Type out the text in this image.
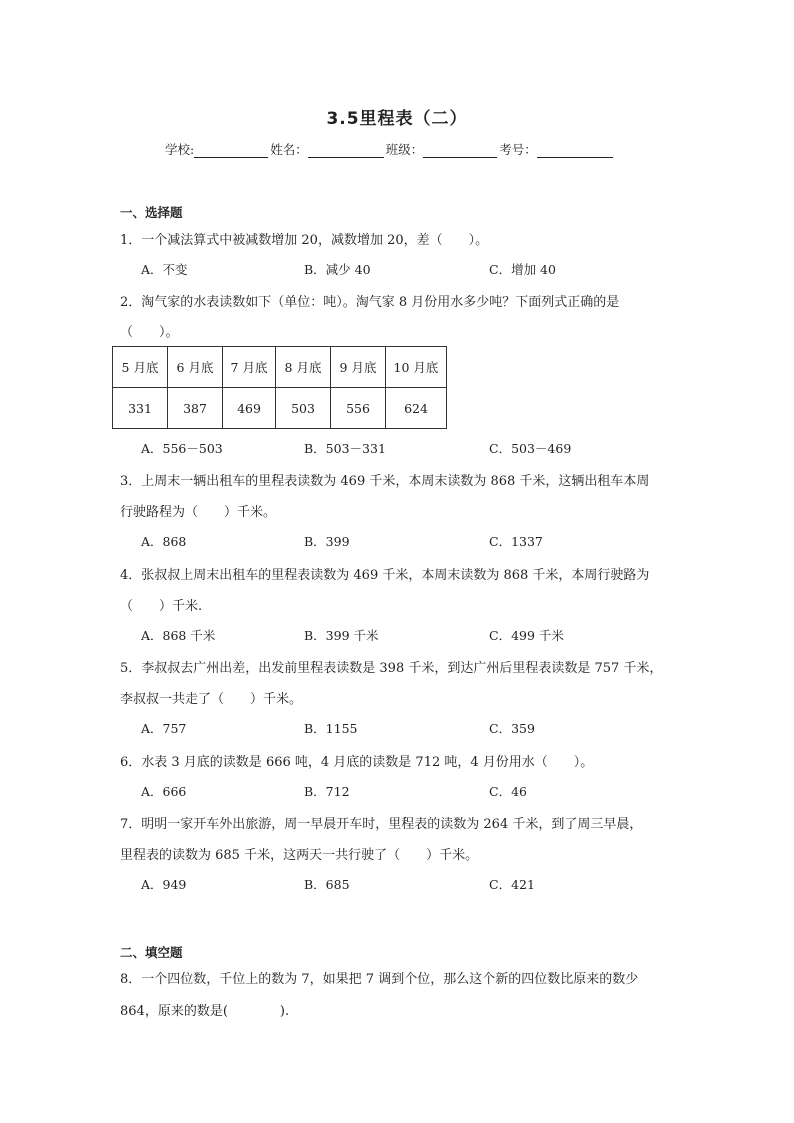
3.5里程表（二）
学校:	姓名：	班级：	考号：
一、选择题
1．一个减法算式中被减数增加 20，减数增加 20，差（　　）。
A．不变	B．减少 40	C．增加 40
2．淘气家的水表读数如下（单位：吨）。淘气家 8 月份用水多少吨？下面列式正确的是
（　　）。
5 月底	6 月底	7 月底	8 月底	9 月底	10 月底
331	387	469	503	556	624
A．556－503	B．503－331	C．503－469
3．上周末一辆出租车的里程表读数为 469 千米，本周末读数为 868 千米，这辆出租车本周
行驶路程为（　　）千米。
A．868	B．399	C．1337
4．张叔叔上周末出租车的里程表读数为 469 千米，本周末读数为 868 千米，本周行驶路为
（　　）千米.
A．868 千米	B．399 千米	C．499 千米
5．李叔叔去广州出差，出发前里程表读数是 398 千米，到达广州后里程表读数是 757 千米，
李叔叔一共走了（　　）千米。
A．757	B．1155	C．359
6．水表 3 月底的读数是 666 吨，4 月底的读数是 712 吨，4 月份用水（　　）。
A．666	B．712	C．46
7．明明一家开车外出旅游，周一早晨开车时，里程表的读数为 264 千米，到了周三早晨，
里程表的读数为 685 千米，这两天一共行驶了（　　）千米。
A．949	B．685	C．421
二、填空题
8．一个四位数，千位上的数为 7，如果把 7 调到个位，那么这个新的四位数比原来的数少
864，原来的数是(　　　　).
